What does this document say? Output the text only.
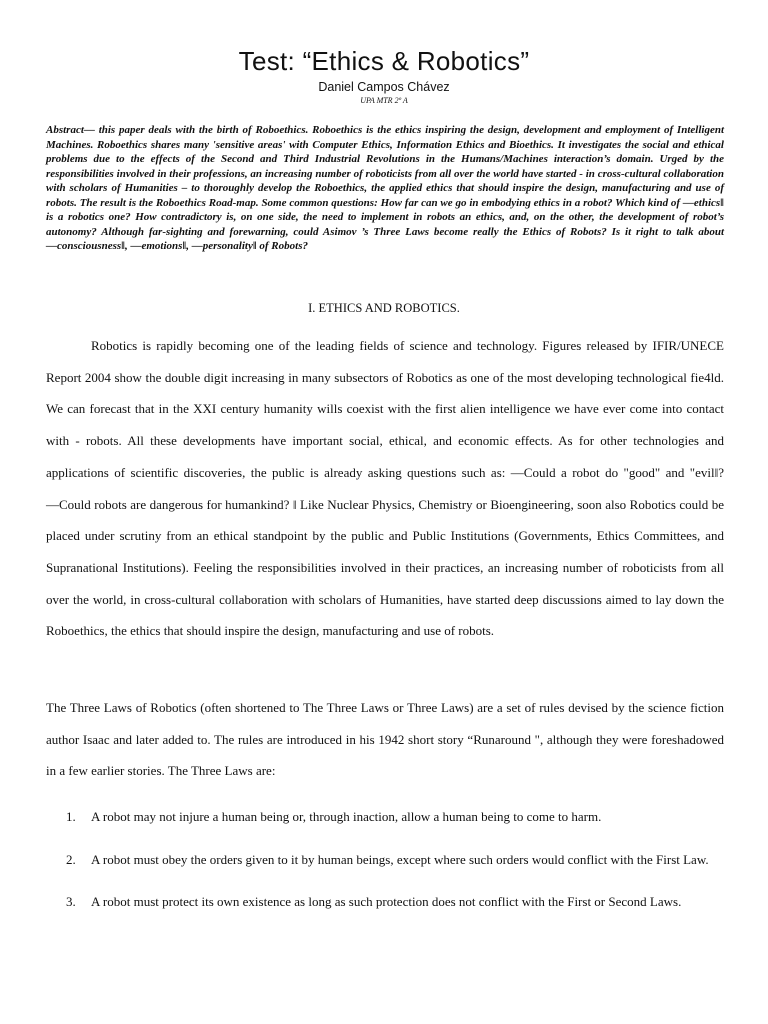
Test: “Ethics & Robotics”
Daniel Campos Chávez
UPA MTR 2º A
Abstract— this paper deals with the birth of Roboethics. Roboethics is the ethics inspiring the design, development and employment of Intelligent Machines. Roboethics shares many 'sensitive areas' with Computer Ethics, Information Ethics and Bioethics. It investigates the social and ethical problems due to the effects of the Second and Third Industrial Revolutions in the Humans/Machines interaction’s domain. Urged by the responsibilities involved in their professions, an increasing number of roboticists from all over the world have started - in cross-cultural collaboration with scholars of Humanities – to thoroughly develop the Roboethics, the applied ethics that should inspire the design, manufacturing and use of robots. The result is the Roboethics Road-map. Some common questions: How far can we go in embodying ethics in a robot? Which kind of ―ethics‖ is a robotics one? How contradictory is, on one side, the need to implement in robots an ethics, and, on the other, the development of robot’s autonomy? Although far-sighting and forewarning, could Asimov ’s Three Laws become really the Ethics of Robots? Is it right to talk about ―consciousness‖, ―emotions‖, ―personality‖ of Robots?
I. ETHICS AND ROBOTICS.

Robotics is rapidly becoming one of the leading fields of science and technology. Figures released by IFIR/UNECE Report 2004 show the double digit increasing in many subsectors of Robotics as one of the most developing technological fie4ld. We can forecast that in the XXI century humanity wills coexist with the first alien intelligence we have ever come into contact with - robots. All these developments have important social, ethical, and economic effects. As for other technologies and applications of scientific discoveries, the public is already asking questions such as: ―Could a robot do "good" and "evil‖? ―Could robots are dangerous for humankind? ‖ Like Nuclear Physics, Chemistry or Bioengineering, soon also Robotics could be placed under scrutiny from an ethical standpoint by the public and Public Institutions (Governments, Ethics Committees, and Supranational Institutions). Feeling the responsibilities involved in their practices, an increasing number of roboticists from all over the world, in cross-cultural collaboration with scholars of Humanities, have started deep discussions aimed to lay down the Roboethics, the ethics that should inspire the design, manufacturing and use of robots.

The Three Laws of Robotics (often shortened to The Three Laws or Three Laws) are a set of rules devised by the science fiction author Isaac and later added to. The rules are introduced in his 1942 short story “Runaround ", although they were foreshadowed in a few earlier stories. The Three Laws are:

1.	A robot may not injure a human being or, through inaction, allow a human being to come to harm.
2.	A robot must obey the orders given to it by human beings, except where such orders would conflict with the First Law.
3.	A robot must protect its own existence as long as such protection does not conflict with the First or Second Laws.
